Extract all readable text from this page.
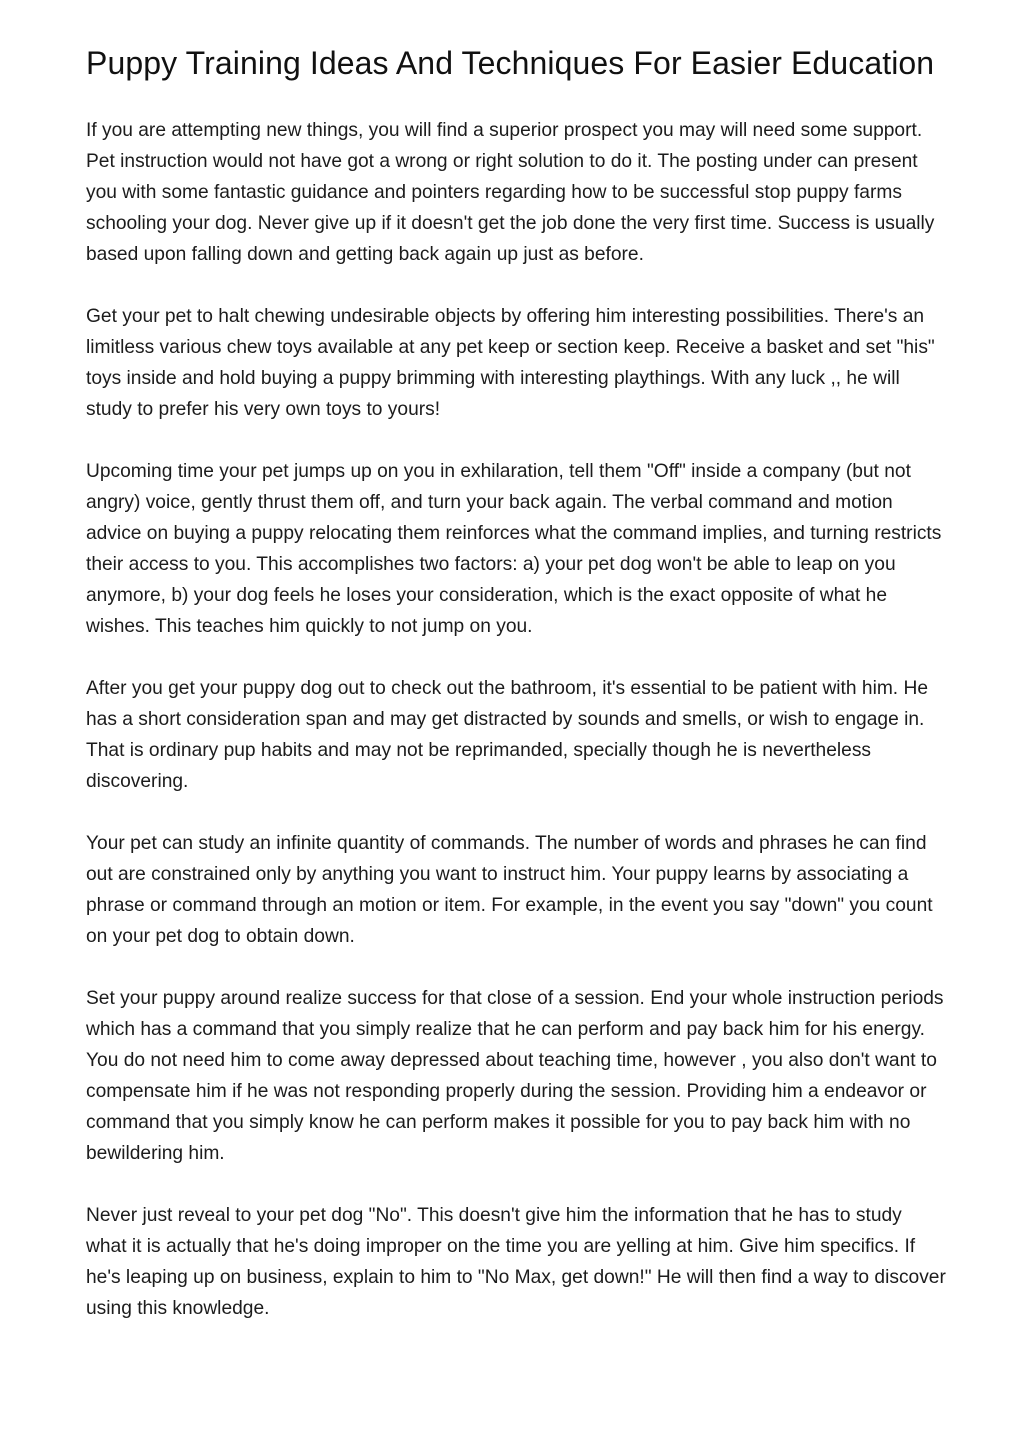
Puppy Training Ideas And Techniques For Easier Education

If you are attempting new things, you will find a superior prospect you may will need some support. Pet instruction would not have got a wrong or right solution to do it. The posting under can present you with some fantastic guidance and pointers regarding how to be successful stop puppy farms schooling your dog. Never give up if it doesn't get the job done the very first time. Success is usually based upon falling down and getting back again up just as before.

Get your pet to halt chewing undesirable objects by offering him interesting possibilities. There's an limitless various chew toys available at any pet keep or section keep. Receive a basket and set "his" toys inside and hold buying a puppy brimming with interesting playthings. With any luck ,, he will study to prefer his very own toys to yours!

Upcoming time your pet jumps up on you in exhilaration, tell them "Off" inside a company (but not angry) voice, gently thrust them off, and turn your back again. The verbal command and motion advice on buying a puppy relocating them reinforces what the command implies, and turning restricts their access to you. This accomplishes two factors: a) your pet dog won't be able to leap on you anymore, b) your dog feels he loses your consideration, which is the exact opposite of what he wishes. This teaches him quickly to not jump on you.

After you get your puppy dog out to check out the bathroom, it's essential to be patient with him. He has a short consideration span and may get distracted by sounds and smells, or wish to engage in. That is ordinary pup habits and may not be reprimanded, specially though he is nevertheless discovering.

Your pet can study an infinite quantity of commands. The number of words and phrases he can find out are constrained only by anything you want to instruct him. Your puppy learns by associating a phrase or command through an motion or item. For example, in the event you say "down" you count on your pet dog to obtain down.

Set your puppy around realize success for that close of a session. End your whole instruction periods which has a command that you simply realize that he can perform and pay back him for his energy. You do not need him to come away depressed about teaching time, however , you also don't want to compensate him if he was not responding properly during the session. Providing him a endeavor or command that you simply know he can perform makes it possible for you to pay back him with no bewildering him.

Never just reveal to your pet dog "No". This doesn't give him the information that he has to study what it is actually that he's doing improper on the time you are yelling at him. Give him specifics. If he's leaping up on business, explain to him to "No Max, get down!" He will then find a way to discover using this knowledge.
